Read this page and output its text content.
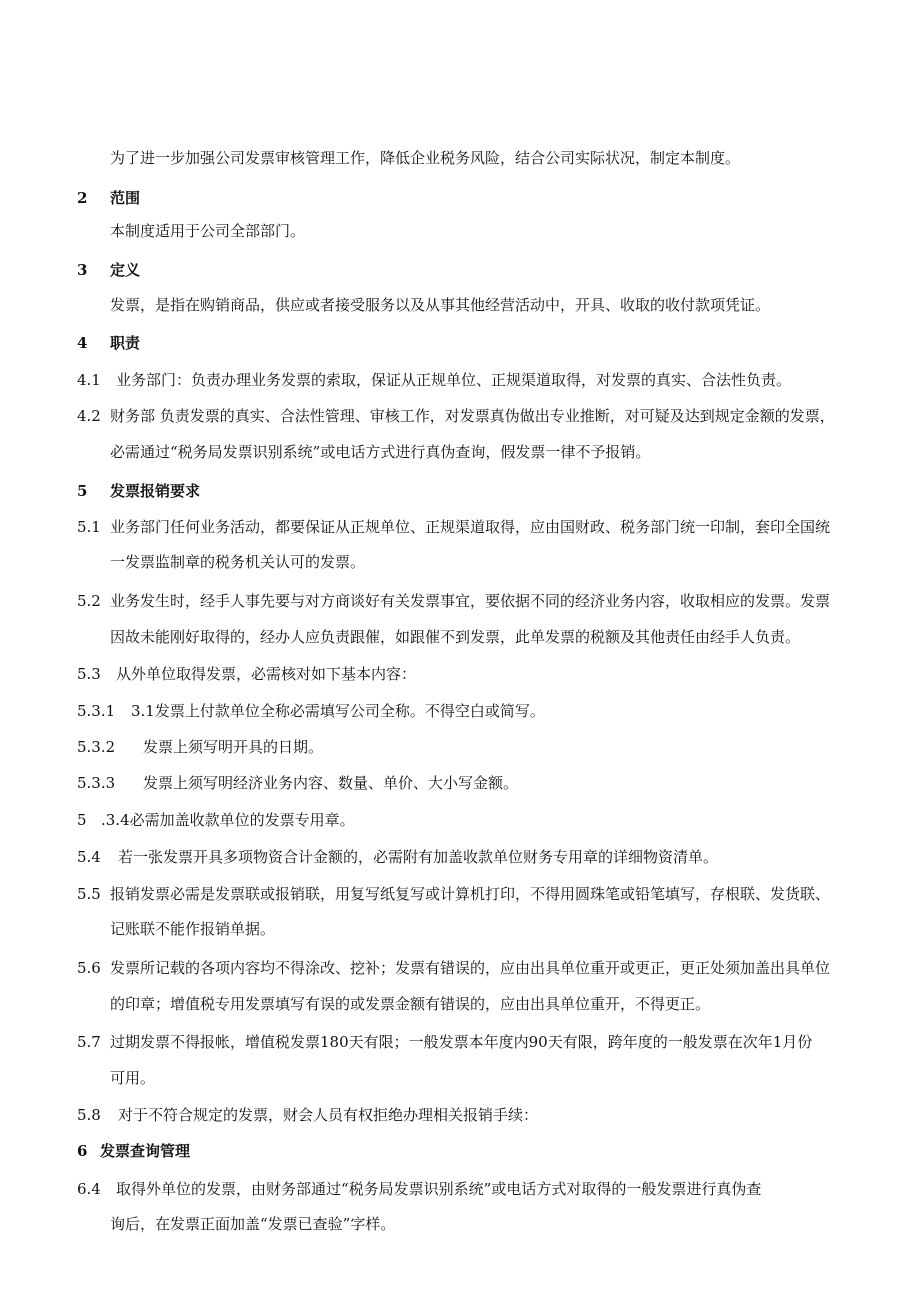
为了进一步加强公司发票审核管理工作，降低企业税务风险，结合公司实际状况，制定本制度。
2 范围
本制度适用于公司全部部门。
3 定义
发票，是指在购销商品，供应或者接受服务以及从事其他经营活动中，开具、收取的收付款项凭证。
4 职责
4.1 业务部门：负责办理业务发票的索取，保证从正规单位、正规渠道取得，对发票的真实、合法性负责。
4.2 财务部 负责发票的真实、合法性管理、审核工作，对发票真伪做出专业推断，对可疑及达到规定金额的发票，
必需通过“税务局发票识别系统”或电话方式进行真伪查询，假发票一律不予报销。
5 发票报销要求
5.1 业务部门任何业务活动，都要保证从正规单位、正规渠道取得，应由国财政、税务部门统一印制，套印全国统
一发票监制章的税务机关认可的发票。
5.2 业务发生时，经手人事先要与对方商谈好有关发票事宜，要依据不同的经济业务内容，收取相应的发票。发票
因故未能刚好取得的，经办人应负责跟催，如跟催不到发票，此单发票的税额及其他责任由经手人负责。
5.3 从外单位取得发票，必需核对如下基本内容：
5.3.1 3.1发票上付款单位全称必需填写公司全称。不得空白或简写。
5.3.2 发票上须写明开具的日期。
5.3.3 发票上须写明经济业务内容、数量、单价、大小写金额。
5 .3.4必需加盖收款单位的发票专用章。
5.4 若一张发票开具多项物资合计金额的，必需附有加盖收款单位财务专用章的详细物资清单。
5.5 报销发票必需是发票联或报销联，用复写纸复写或计算机打印，不得用圆珠笔或铅笔填写，存根联、发货联、
记账联不能作报销单据。
5.6 发票所记载的各项内容均不得涂改、挖补；发票有错误的，应由出具单位重开或更正，更正处须加盖出具单位
的印章；增值税专用发票填写有误的或发票金额有错误的，应由出具单位重开，不得更正。
5.7 过期发票不得报帐，增值税发票180天有限；一般发票本年度内90天有限，跨年度的一般发票在次年1月份
可用。
5.8 对于不符合规定的发票，财会人员有权拒绝办理相关报销手续：
6 发票查询管理
6.4 取得外单位的发票，由财务部通过“税务局发票识别系统”或电话方式对取得的一般发票进行真伪查
询后，在发票正面加盖“发票已查验”字样。
